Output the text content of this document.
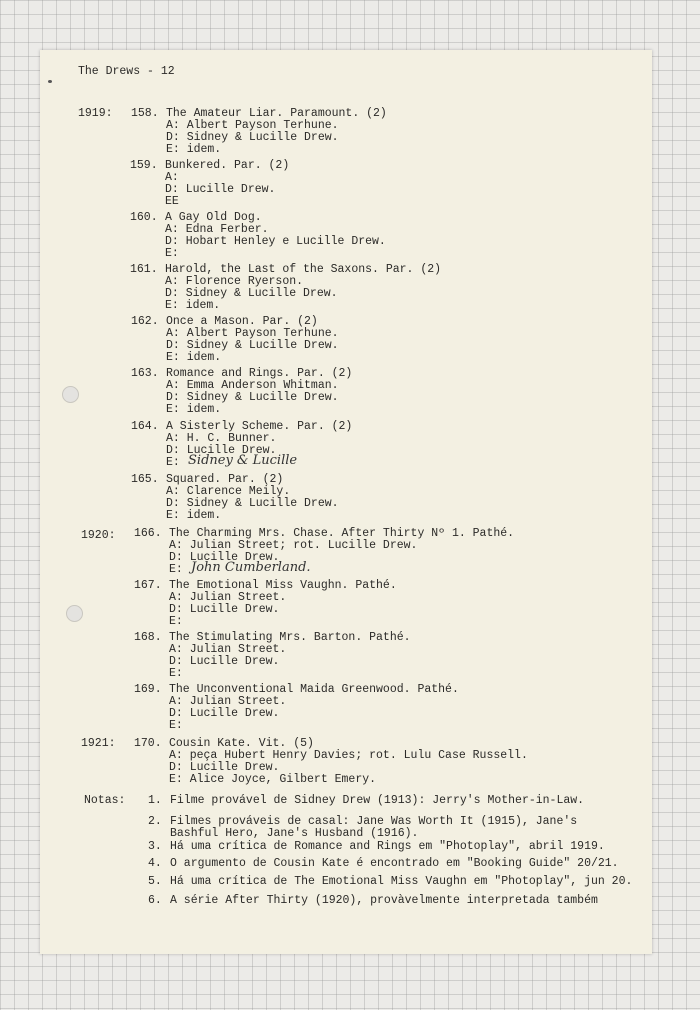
The Drews - 12
1919:
1920:
1921:
158. The Amateur Liar. Paramount. (2)
A: Albert Payson Terhune.
D: Sidney & Lucille Drew.
E: idem.
159. Bunkered. Par. (2)
A:
D: Lucille Drew.
EE
160. A Gay Old Dog.
A: Edna Ferber.
D: Hobart Henley e Lucille Drew.
E:
161. Harold, the Last of the Saxons. Par. (2)
A: Florence Ryerson.
D: Sidney & Lucille Drew.
E: idem.
162. Once a Mason. Par. (2)
A: Albert Payson Terhune.
D: Sidney & Lucille Drew.
E: idem.
163. Romance and Rings. Par. (2)
A: Emma Anderson Whitman.
D: Sidney & Lucille Drew.
E: idem.
164. A Sisterly Scheme. Par. (2)
A: H. C. Bunner.
D: Lucille Drew.
E: Sidney & Lucille
165. Squared. Par. (2)
A: Clarence Meily.
D: Sidney & Lucille Drew.
E: idem.
166. The Charming Mrs. Chase. After Thirty Nº 1. Pathé.
A: Julian Street; rot. Lucille Drew.
D: Lucille Drew.
E: John Cumberland.
167. The Emotional Miss Vaughn. Pathé.
A: Julian Street.
D: Lucille Drew.
E:
168. The Stimulating Mrs. Barton. Pathé.
A: Julian Street.
D: Lucille Drew.
E:
169. The Unconventional Maida Greenwood. Pathé.
A: Julian Street.
D: Lucille Drew.
E:
170. Cousin Kate. Vit. (5)
A: peça Hubert Henry Davies; rot. Lulu Case Russell.
D: Lucille Drew.
E: Alice Joyce, Gilbert Emery.
Notas: 1. Filme provável de Sidney Drew (1913): Jerry's Mother-in-Law.
2. Filmes prováveis de casal: Jane Was Worth It (1915), Jane's
Bashful Hero, Jane's Husband (1916).
3. Há uma crítica de Romance and Rings em "Photoplay", abril 1919.
4. O argumento de Cousin Kate é encontrado em "Booking Guide" 20/21.
5. Há uma crítica de The Emotional Miss Vaughn em "Photoplay", jun 20.
6. A série After Thirty (1920), provàvelmente interpretada também
